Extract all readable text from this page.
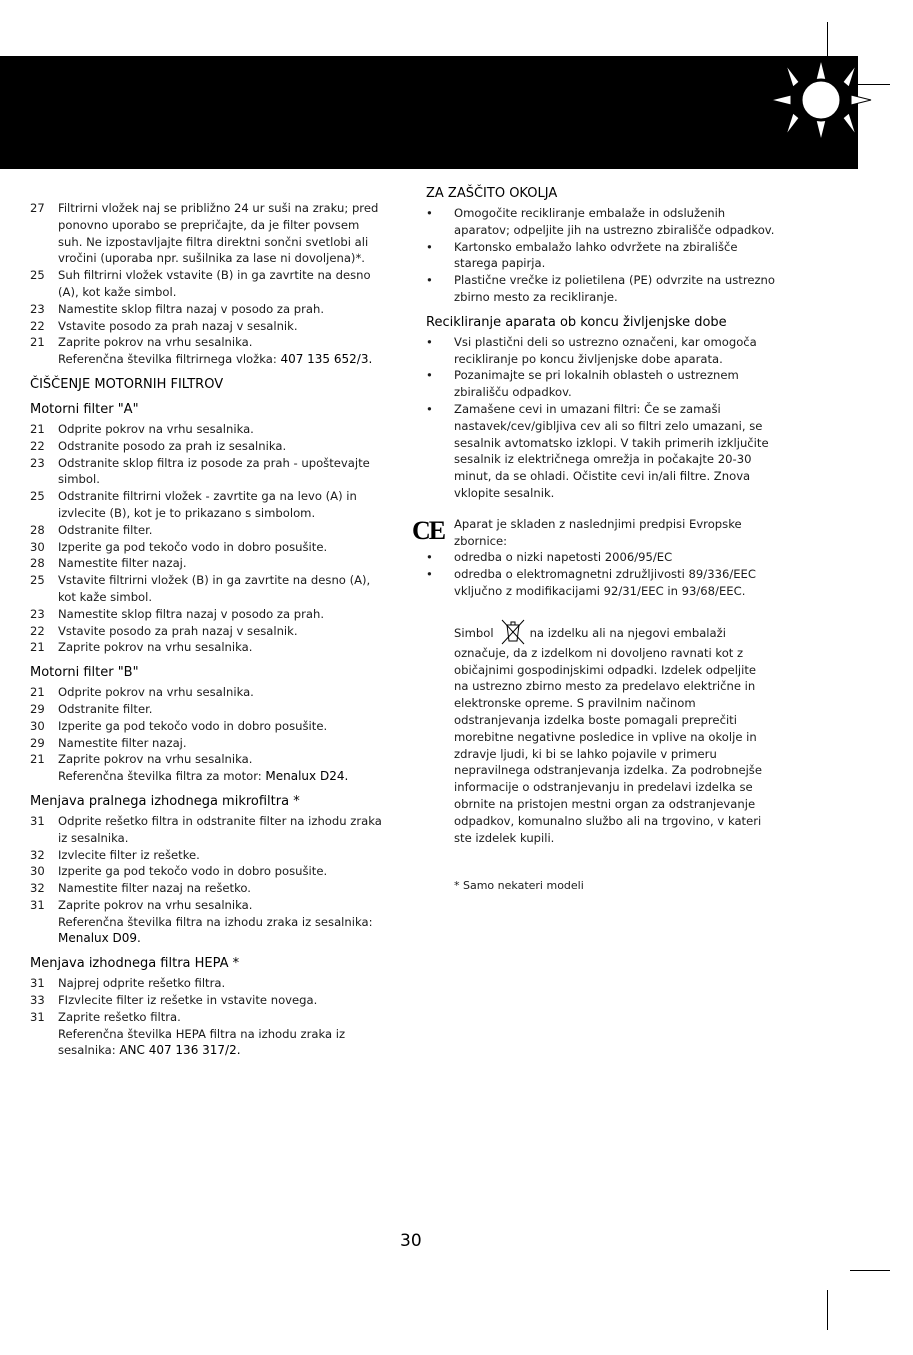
27	Filtrirni vložek naj se približno 24 ur suši na zraku; pred
ponovno uporabo se prepričajte, da je filter povsem
suh. Ne izpostavljajte filtra direktni sončni svetlobi ali
vročini (uporaba npr. sušilnika za lase ni dovoljena)*.
25	Suh filtrirni vložek vstavite (B) in ga zavrtite na desno
(A), kot kaže simbol.
23	Namestite sklop filtra nazaj v posodo za prah.
22	Vstavite posodo za prah nazaj v sesalnik.
21	Zaprite pokrov na vrhu sesalnika.
Referenčna številka filtrirnega vložka: 407 135 652/3.
ČIŠČENJE MOTORNIH FILTROV
Motorni filter "A"
21	Odprite pokrov na vrhu sesalnika.
22	Odstranite posodo za prah iz sesalnika.
23	Odstranite sklop filtra iz posode za prah - upoštevajte
simbol.
25	Odstranite filtrirni vložek - zavrtite ga na levo (A) in
izvlecite (B), kot je to prikazano s simbolom.
28	Odstranite filter.
30	Izperite ga pod tekočo vodo in dobro posušite.
28	Namestite filter nazaj.
25	Vstavite filtrirni vložek (B) in ga zavrtite na desno (A),
kot kaže simbol.
23	Namestite sklop filtra nazaj v posodo za prah.
22	Vstavite posodo za prah nazaj v sesalnik.
21	Zaprite pokrov na vrhu sesalnika.
Motorni filter "B"
21	Odprite pokrov na vrhu sesalnika.
29	Odstranite filter.
30	Izperite ga pod tekočo vodo in dobro posušite.
29	Namestite filter nazaj.
21	Zaprite pokrov na vrhu sesalnika.
Referenčna številka filtra za motor: Menalux D24.
Menjava pralnega izhodnega mikrofiltra *
31	Odprite rešetko filtra in odstranite filter na izhodu zraka
iz sesalnika.
32	Izvlecite filter iz rešetke.
30	Izperite ga pod tekočo vodo in dobro posušite.
32	Namestite filter nazaj na rešetko.
31	Zaprite pokrov na vrhu sesalnika.
Referenčna številka filtra na izhodu zraka iz sesalnika:
Menalux D09.
Menjava izhodnega filtra HEPA *
31	Najprej odprite rešetko filtra.
33	FIzvlecite filter iz rešetke in vstavite novega.
31	Zaprite rešetko filtra.
Referenčna številka HEPA filtra na izhodu zraka iz
sesalnika: ANC 407 136 317/2.
ZA ZAŠČITO OKOLJA
•	Omogočite recikliranje embalaže in odsluženih
aparatov; odpeljite jih na ustrezno zbirališče odpadkov.
•	Kartonsko embalažo lahko odvržete na zbirališče
starega papirja.
•	Plastične vrečke iz polietilena (PE) odvrzite na ustrezno
zbirno mesto za recikliranje.
Recikliranje aparata ob koncu življenjske dobe
•	Vsi plastični deli so ustrezno označeni, kar omogoča
recikliranje po koncu življenjske dobe aparata.
•	Pozanimajte se pri lokalnih oblasteh o ustreznem
zbirališču odpadkov.
•	Zamašene cevi in umazani filtri: Če se zamaši
nastavek/cev/gibljiva cev ali so filtri zelo umazani, se
sesalnik avtomatsko izklopi. V takih primerih izključite
sesalnik iz električnega omrežja in počakajte 20-30
minut, da se ohladi. Očistite cevi in/ali filtre. Znova
vklopite sesalnik.
CE Aparat je skladen z naslednjimi predpisi Evropske
zbornice:
•	odredba o nizki napetosti 2006/95/EC
•	odredba o elektromagnetni združljivosti 89/336/EEC
vključno z modifikacijami 92/31/EEC in 93/68/EEC.
Simbol	na izdelku ali na njegovi embalaži
označuje, da z izdelkom ni dovoljeno ravnati kot z
običajnimi gospodinjskimi odpadki. Izdelek odpeljite
na ustrezno zbirno mesto za predelavo električne in
elektronske opreme. S pravilnim načinom
odstranjevanja izdelka boste pomagali preprečiti
morebitne negativne posledice in vplive na okolje in
zdravje ljudi, ki bi se lahko pojavile v primeru
nepravilnega odstranjevanja izdelka. Za podrobnejše
informacije o odstranjevanju in predelavi izdelka se
obrnite na pristojen mestni organ za odstranjevanje
odpadkov, komunalno službo ali na trgovino, v kateri
ste izdelek kupili.
* Samo nekateri modeli
30
